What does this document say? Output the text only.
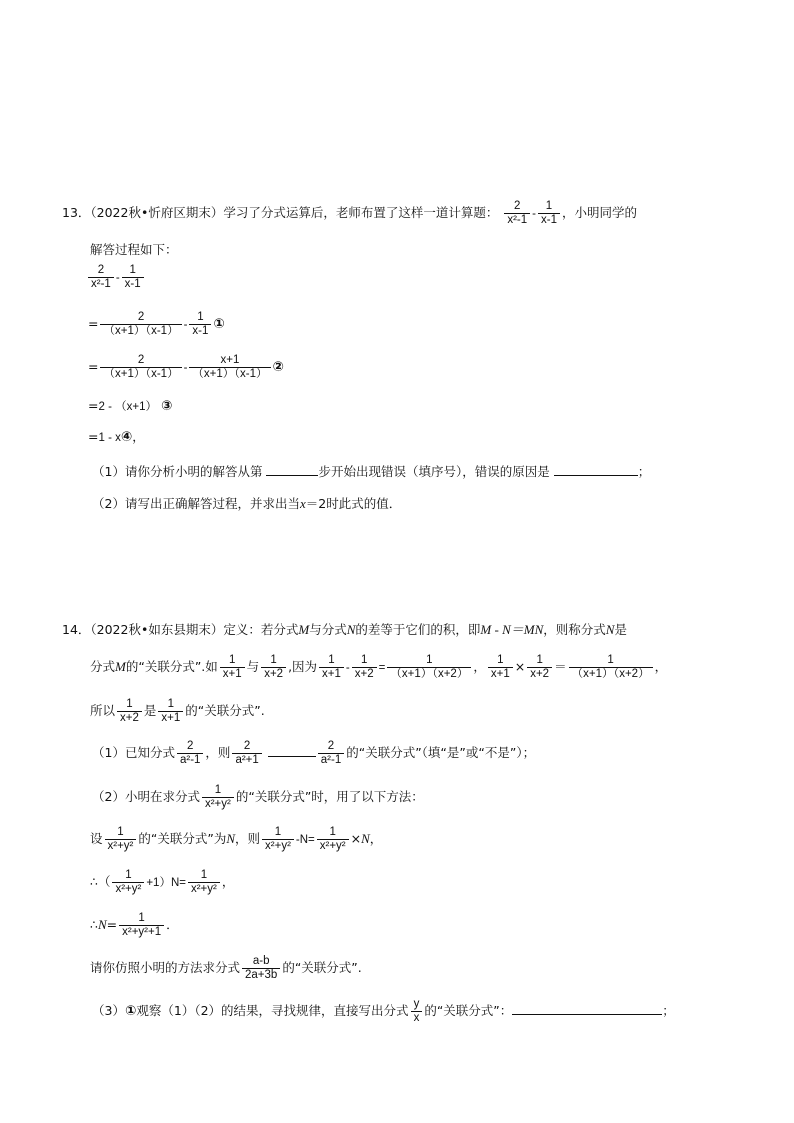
13．（2022秋•忻府区期末）学习了分式运算后，老师布置了这样一道计算题： $\frac{2}{\text{x²-1}} - \frac{1}{x-1}$ ，小明同学的
解答过程如下：
$\frac{2}{\text{x²-1}} - \frac{1}{x-1}$
= $\frac{2}{(x+1)(x-1)} - \frac{1}{x-1}$ ①
= $\frac{2}{(x+1)(x-1)} - \frac{x+1}{(x+1)(x-1)}$ ②
=2 - （x+1） ③
=1 - x④，
（1）请你分析小明的解答从第	步开始出现错误（填序号），错误的原因是	；
（2）请写出正确解答过程，并求出当x＝2时此式的值．
14．（2022秋•如东县期末）定义：若分式M与分式N的差等于它们的积，即M - N＝MN，则称分式N是
分式M的“关联分式”.如 $\frac{1}{x+1}$ 与 $\frac{1}{x+2}$ ,因为 $\frac{1}{x+1} - \frac{1}{x+2} = \frac{1}{(x+1)(x+2)}$ ， $\frac{1}{x+1} \times \frac{1}{x+2} = \frac{1}{(x+1)(x+2)}$ ，
所以 $\frac{1}{x+2}$ 是 $\frac{1}{x+1}$ 的“关联分式”.
（1）已知分式 $\frac{2}{\text{a²-1}}$ ，则 $\frac{2}{\text{a²+1}}$
	$\frac{2}{\text{a²-1}}$ 的“关联分式”（填“是”或“不是”）；
（2）小明在求分式 $\frac{1}{\text{x²+y²}}$ 的“关联分式”时，用了以下方法：
设 $\frac{1}{\text{x²+y²}}$ 的“关联分式”为N，则 $\frac{1}{\text{x²+y²}} -N= \frac{1}{\text{x²+y²}} \times N$，
∴（ $\frac{1}{\text{x²+y²}} +1)N= \frac{1}{\text{x²+y²}}$ ，
∴N= $\frac{1}{\text{x²+y²+1}}$ ．
请你仿照小明的方法求分式 $\frac{a-b}{2a+3b}$ 的“关联分式”.
（3）①观察（1）（2）的结果，寻找规律，直接写出分式 $\frac{y}{x}$ 的“关联分式”：	；
